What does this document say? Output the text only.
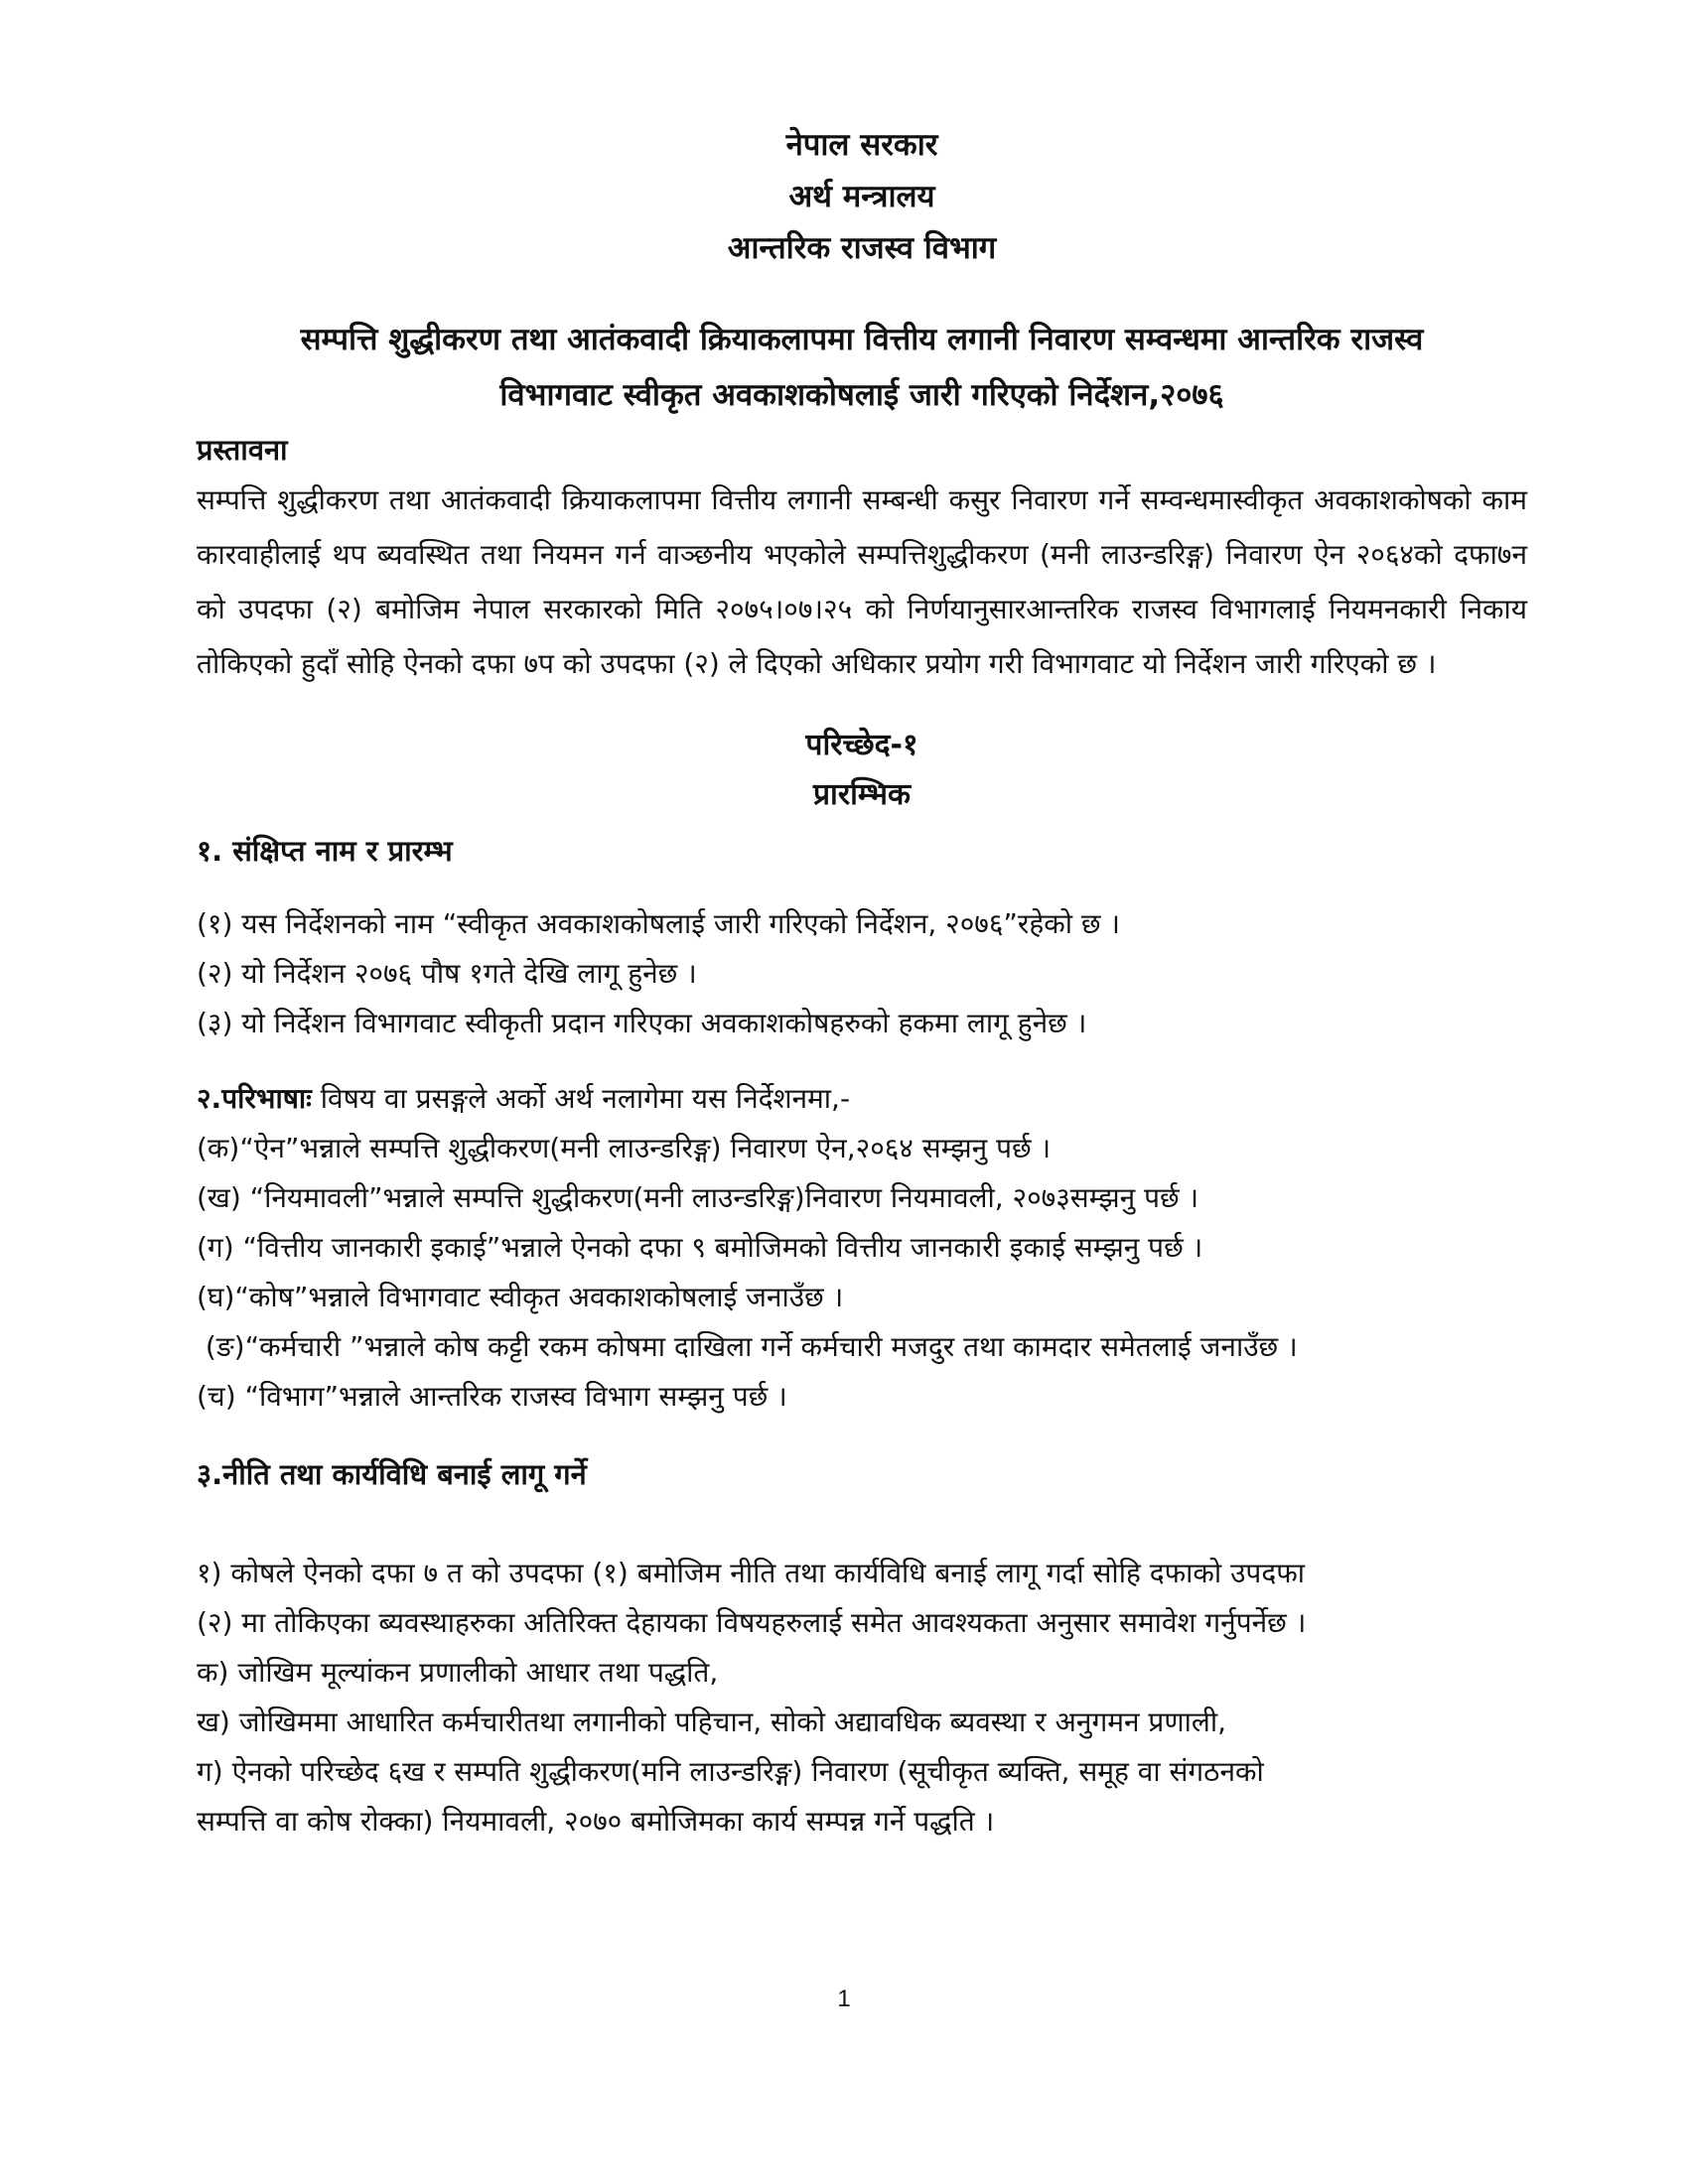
नेपाल सरकार
अर्थ मन्त्रालय
आन्तरिक राजस्व विभाग
सम्पत्ति शुद्धीकरण तथा आतंकवादी क्रियाकलापमा वित्तीय लगानी निवारण सम्वन्धमा आन्तरिक राजस्व
विभागवाट स्वीकृत अवकाशकोषलाई जारी गरिएको निर्देशन,२०७६
प्रस्तावना
सम्पत्ति शुद्धीकरण तथा आतंकवादी क्रियाकलापमा वित्तीय लगानी सम्बन्धी कसुर निवारण गर्ने सम्वन्धमास्वीकृत अवकाशकोषको काम कारवाहीलाई थप ब्यवस्थित तथा नियमन गर्न वाञ्छनीय भएकोले सम्पत्तिशुद्धीकरण (मनी लाउन्डरिङ्ग) निवारण ऐन २०६४को दफा७न को उपदफा (२) बमोजिम नेपाल सरकारको मिति २०७५।०७।२५ को निर्णयानुसारआन्तरिक राजस्व विभागलाई नियमनकारी निकाय तोकिएको हुदाँ सोहि ऐनको दफा ७प को उपदफा (२) ले दिएको अधिकार प्रयोग गरी विभागवाट यो निर्देशन जारी गरिएको छ ।
परिच्छेद-१
प्रारम्भिक
१. संक्षिप्त नाम र प्रारम्भ
(१) यस निर्देशनको नाम “स्वीकृत अवकाशकोषलाई जारी गरिएको निर्देशन, २०७६”रहेको छ ।
(२) यो निर्देशन २०७६ पौष १गते देखि लागू हुनेछ ।
(३) यो निर्देशन विभागवाट स्वीकृती प्रदान गरिएका अवकाशकोषहरुको हकमा लागू हुनेछ ।
२.परिभाषाः विषय वा प्रसङ्गले अर्को अर्थ नलागेमा यस निर्देशनमा,-
(क)“ऐन”भन्नाले सम्पत्ति शुद्धीकरण(मनी लाउन्डरिङ्ग) निवारण ऐन,२०६४ सम्झनु पर्छ ।
(ख) “नियमावली”भन्नाले सम्पत्ति शुद्धीकरण(मनी लाउन्डरिङ्ग)निवारण नियमावली, २०७३सम्झनु पर्छ ।
(ग) “वित्तीय जानकारी इकाई”भन्नाले ऐनको दफा ९ बमोजिमको वित्तीय जानकारी इकाई सम्झनु पर्छ ।
(घ)“कोष”भन्नाले विभागवाट स्वीकृत अवकाशकोषलाई जनाउँछ ।
(ङ)“कर्मचारी ”भन्नाले कोष कट्टी रकम कोषमा दाखिला गर्ने कर्मचारी मजदुर तथा कामदार समेतलाई जनाउँछ ।
(च) “विभाग”भन्नाले आन्तरिक राजस्व विभाग सम्झनु पर्छ ।
३.नीति तथा कार्यविधि बनाई लागू गर्ने
१) कोषले ऐनको दफा ७ त को उपदफा (१) बमोजिम नीति तथा कार्यविधि बनाई लागू गर्दा सोहि दफाको उपदफा
(२) मा तोकिएका ब्यवस्थाहरुका अतिरिक्त देहायका विषयहरुलाई समेत आवश्यकता अनुसार समावेश गर्नुपर्नेछ ।
क) जोखिम मूल्यांकन प्रणालीको आधार तथा पद्धति,
ख) जोखिममा आधारित कर्मचारीतथा लगानीको पहिचान, सोको अद्यावधिक ब्यवस्था र अनुगमन प्रणाली,
ग) ऐनको परिच्छेद ६ख र सम्पति शुद्धीकरण(मनि लाउन्डरिङ्ग) निवारण (सूचीकृत ब्यक्ति, समूह वा संगठनको
सम्पत्ति वा कोष रोक्का) नियमावली, २०७० बमोजिमका कार्य सम्पन्न गर्ने पद्धति ।
1
